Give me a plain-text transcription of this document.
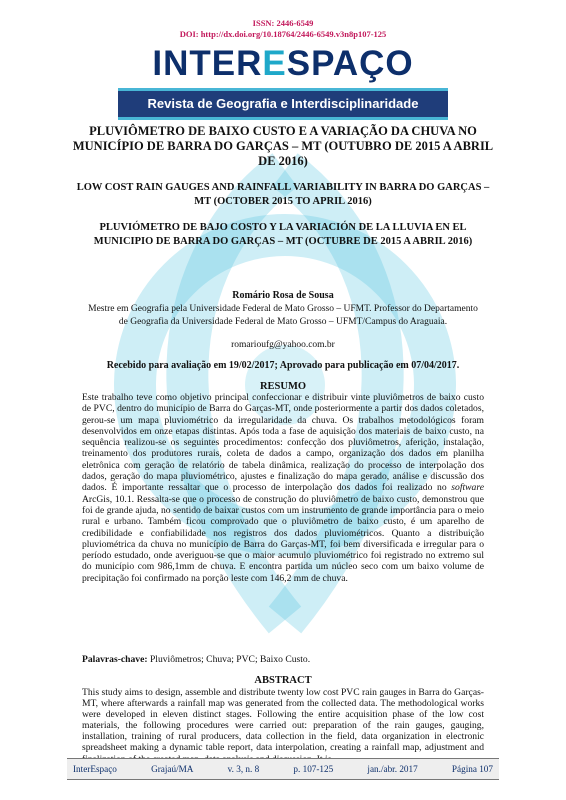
ISSN: 2446-6549
DOI: http://dx.doi.org/10.18764/2446-6549.v3n8p107-125
INTERESPAÇO
Revista de Geografia e Interdisciplinaridade
PLUVIÔMETRO DE BAIXO CUSTO E A VARIAÇÃO DA CHUVA NO MUNICÍPIO DE BARRA DO GARÇAS – MT (OUTUBRO DE 2015 A ABRIL DE 2016)
LOW COST RAIN GAUGES AND RAINFALL VARIABILITY IN BARRA DO GARÇAS – MT (OCTOBER 2015 TO APRIL 2016)
PLUVIÓMETRO DE BAJO COSTO Y LA VARIACIÓN DE LA LLUVIA EN EL MUNICIPIO DE BARRA DO GARÇAS – MT (OCTUBRE DE 2015 A ABRIL 2016)
Romário Rosa de Sousa
Mestre em Geografia pela Universidade Federal de Mato Grosso – UFMT. Professor do Departamento de Geografia da Universidade Federal de Mato Grosso – UFMT/Campus do Araguaia.
romarioufg@yahoo.com.br
Recebido para avaliação em 19/02/2017; Aprovado para publicação em 07/04/2017.
RESUMO

Este trabalho teve como objetivo principal confeccionar e distribuir vinte pluviômetros de baixo custo de PVC, dentro do município de Barra do Garças-MT, onde posteriormente a partir dos dados coletados, gerou-se um mapa pluviométrico da irregularidade da chuva. Os trabalhos metodológicos foram desenvolvidos em onze etapas distintas. Após toda a fase de aquisição dos materiais de baixo custo, na sequência realizou-se os seguintes procedimentos: confecção dos pluviômetros, aferição, instalação, treinamento dos produtores rurais, coleta de dados a campo, organização dos dados em planilha eletrônica com geração de relatório de tabela dinâmica, realização do processo de interpolação dos dados, geração do mapa pluviométrico, ajustes e finalização do mapa gerado, análise e discussão dos dados. É importante ressaltar que o processo de interpolação dos dados foi realizado no software ArcGis, 10.1. Ressalta-se que o processo de construção do pluviômetro de baixo custo, demonstrou que foi de grande ajuda, no sentido de baixar custos com um instrumento de grande importância para o meio rural e urbano. Também ficou comprovado que o pluviômetro de baixo custo, é um aparelho de credibilidade e confiabilidade nos registros dos dados pluviométricos. Quanto a distribuição pluviométrica da chuva no município de Barra do Garças-MT, foi bem diversificada e irregular para o período estudado, onde averiguou-se que o maior acumulo pluviométrico foi registrado no extremo sul do município com 986,1mm de chuva. E encontra partida um núcleo seco com um baixo volume de precipitação foi confirmado na porção leste com 146,2 mm de chuva.

Palavras-chave: Pluviômetros; Chuva; PVC; Baixo Custo.
ABSTRACT

This study aims to design, assemble and distribute twenty low cost PVC rain gauges in Barra do Garças-MT, where afterwards a rainfall map was generated from the collected data. The methodological works were developed in eleven distinct stages. Following the entire acquisition phase of the low cost materials, the following procedures were carried out: preparation of the rain gauges, gauging, installation, training of rural producers, data collection in the field, data organization in electronic spreadsheet making a dynamic table report, data interpolation, creating a rainfall map, adjustment and

InterEspaço	Grajaú/MA	v. 3, n. 8	p. 107-125	jan./abr. 2017	Página 107
